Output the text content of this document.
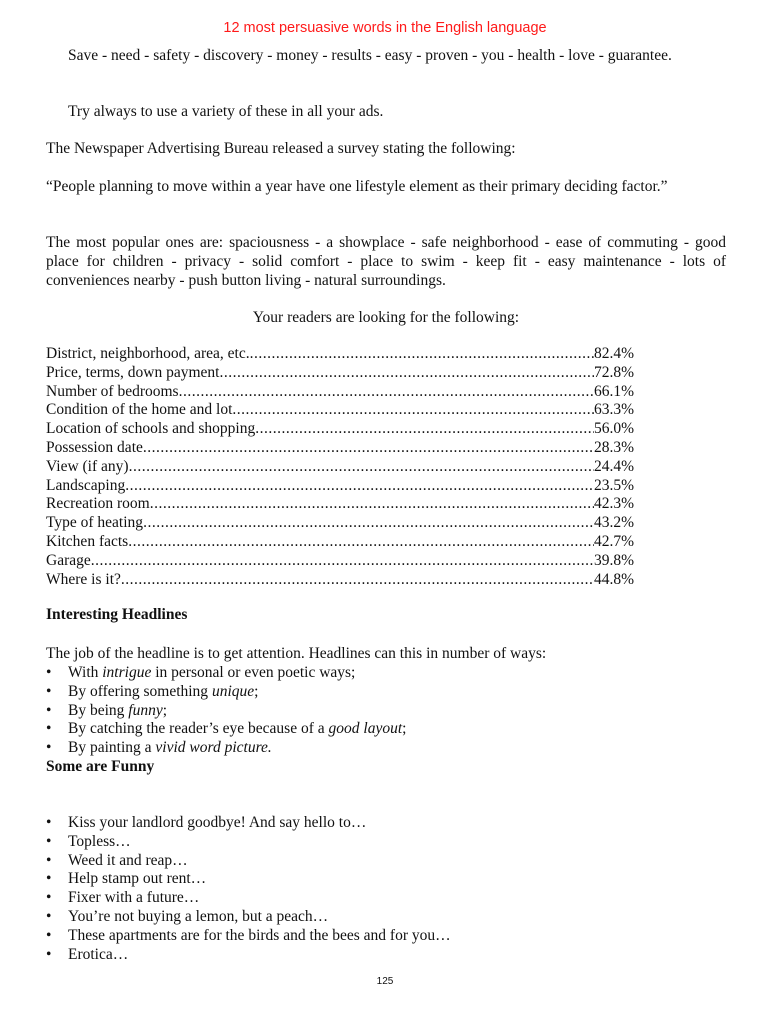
12 most persuasive words in the English language
Save - need - safety - discovery - money - results - easy - proven - you - health - love - guarantee.
Try always to use a variety of these in all your ads.
The Newspaper Advertising Bureau released a survey stating the following:
“People planning to move within a year have one lifestyle element as their primary deciding factor.”
The most popular ones are: spaciousness - a showplace - safe neighborhood - ease of commuting - good place for children - privacy - solid comfort - place to swim - keep fit - easy maintenance - lots of conveniences nearby - push button living - natural surroundings.
Your readers are looking for the following:
District, neighborhood, area, etc. .....	82.4%
Price, terms, down payment .....	72.8%
Number of bedrooms .....	66.1%
Condition of the home and lot .....	63.3%
Location of schools and shopping .....	56.0%
Possession date .....	28.3%
View (if any) .....	24.4%
Landscaping .....	23.5%
Recreation room .....	42.3%
Type of heating .....	43.2%
Kitchen facts .....	42.7%
Garage .....	39.8%
Where is it? .....	44.8%
Interesting Headlines
The job of the headline is to get attention. Headlines can this in number of ways:
•	With intrigue in personal or even poetic ways;
•	By offering something unique;
•	By being funny;
•	By catching the reader’s eye because of a good layout;
•	By painting a vivid word picture.
Some are Funny
•	Kiss your landlord goodbye! And say hello to…
•	Topless…
•	Weed it and reap…
•	Help stamp out rent…
•	Fixer with a future…
•	You’re not buying a lemon, but a peach…
•	These apartments are for the birds and the bees and for you…
•	Erotica…
125
